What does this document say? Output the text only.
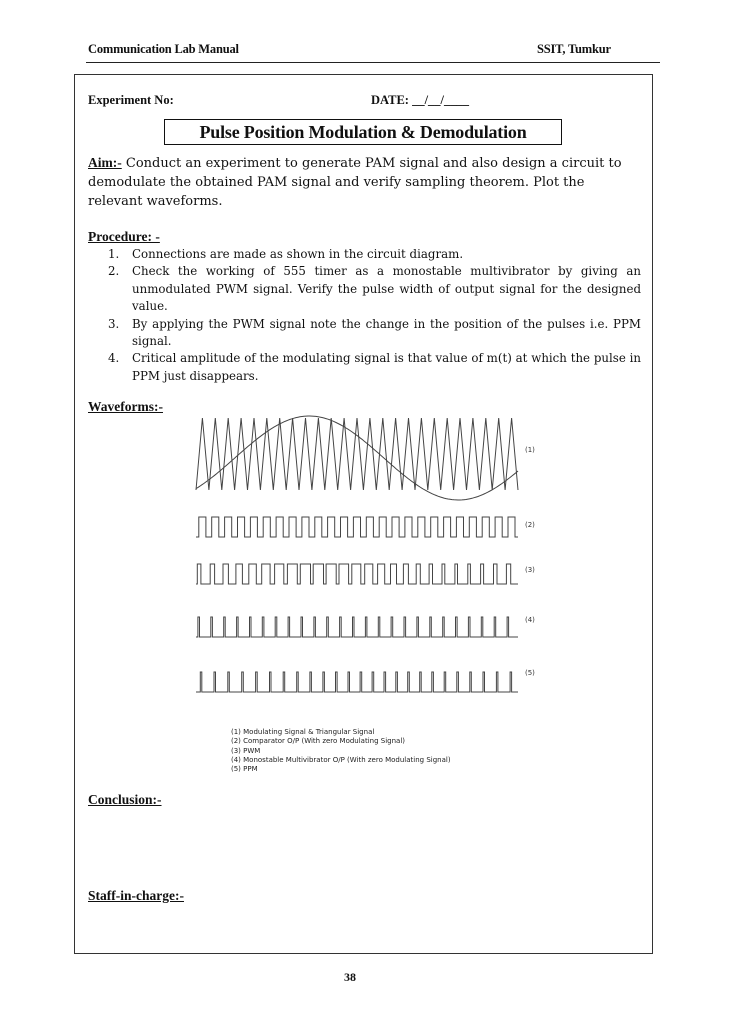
Communication Lab Manual	SSIT, Tumkur
Experiment No:	DATE: __/__/____
Pulse Position Modulation & Demodulation
Aim:- Conduct an experiment to generate PAM signal and also design a circuit to demodulate the obtained PAM signal and verify sampling theorem. Plot the relevant waveforms.
Procedure: -
1. Connections are made as shown in the circuit diagram.
2. Check the working of 555 timer as a monostable multivibrator by giving an unmodulated PWM signal. Verify the pulse width of output signal for the designed value.
3. By applying the PWM signal note the change in the position of the pulses i.e. PPM signal.
4. Critical amplitude of the modulating signal is that value of m(t) at which the pulse in PPM just disappears.
Waveforms:-
(1)
(2)
(3)
(4)
(5)
(1) Modulating Signal & Triangular Signal
(2) Comparator O/P (With zero Modulating Signal)
(3) PWM
(4) Monostable Multivibrator O/P (With zero Modulating Signal)
(5) PPM
Conclusion:-
Staff-in-charge:-
38
